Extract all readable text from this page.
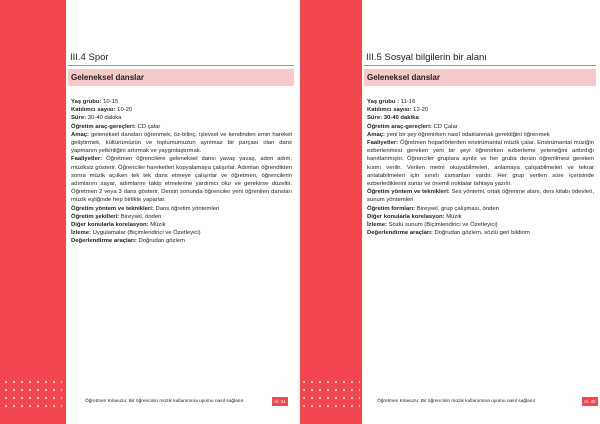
III.4 Spor
Geleneksel danslar

Yaş grubu: 10-15

Katılımcı sayısı: 10-20

Süre: 30-40 dakika

Öğretim araç-gereçleri: CD çalar

Amaç: geleneksel dansları öğrenmek, öz-bilinç, işlevsel ve kendinden emin hareket geliştirmek, kültürümüzün ve toplumumuzun ayrılmaz bir parçası olan dans yapmanın yetkinliğini artırmak ve yaygınlaştırmak.

Faaliyetler: Öğretmen öğrencilere geleneksel dansı yavaş yavaş, adım adım, müziksiz gösterir. Öğrenciler hareketleri kopyalamaya çalışırlar. Adımları öğrendikten sonra müzik açılken tek tek dans etmeye çalışırlar ve öğretmen, öğrencilerin adımlarını sayar, adımlarını takip etmelerine yardımcı olur ve gerekirse düzeltir. Öğretmen 2 veya 3 dans gösterir. Dersin sonunda öğrenciler yeni öğrenilen dansları müzik eşliğinde hep birlikte yaparlar.

Öğretim yöntem ve teknikleri: Dans öğretim yöntemleri

Öğretim şekilleri: Bireysel, önden

Diğer konularla korelasyon: Müzik

İzleme: Uygulamalar (Biçimlendirici ve Özetleyici)

Değerlendirme araçları: Doğrudan gözlem

Öğretmen Kılavuzu: Bir öğrencinin müzik kullanımına uyumu nasıl sağlanır	sf. 34
III.5 Sosyal bilgilerin bir alanı
Geleneksel danslar

Yaş grubu : 11-16

Katılımcı sayısı: 12-20

Süre: 30-40 dakika

Öğretim araç-gereçleri: CD Çalar

Amaç: yeni bir şey öğrenirken nasıl odaklanmak gerektiğini öğrenmek

Faaliyetler: Öğretmen hoparlörlerden enstrümantal müzik çalar. Enstrümantal müziğin ezberlenmesi gereken yeni bir şeyi öğrenirken ezberleme yeteneğini arttırdığı kanıtlanmıştır. Öğrenciler gruplara ayrılır ve her gruba dersin öğrenilmesi gereken kısmı verilir. Verilen metni okuyabilmeleri, anlamaya çalışabilmeleri ve tekrar anlatabilmeleri için sınırlı zamanları vardır. Her grup verilen süre içerisinde ezberlediklerini sunar ve önemli noktalar tahtaya yazılır.

Öğretim yöntem ve teknikleri: Ses yöntemi, ortak öğrenme alanı, ders kitabı ödevleri, sunum yöntemleri

Öğretim formları: Bireysel, grup çalışması, önden

Diğer konularla korelasyon: Müzik

İzleme: Sözlü sunum (Biçimlendirici ve Özetleyici)

Değerlendirme araçları: Doğrudan gözlem, sözlü geri bildirim

Öğretmen Kılavuzu: Bir öğrencinin müzik kullanımına uyumu nasıl sağlanır	sf. 35
